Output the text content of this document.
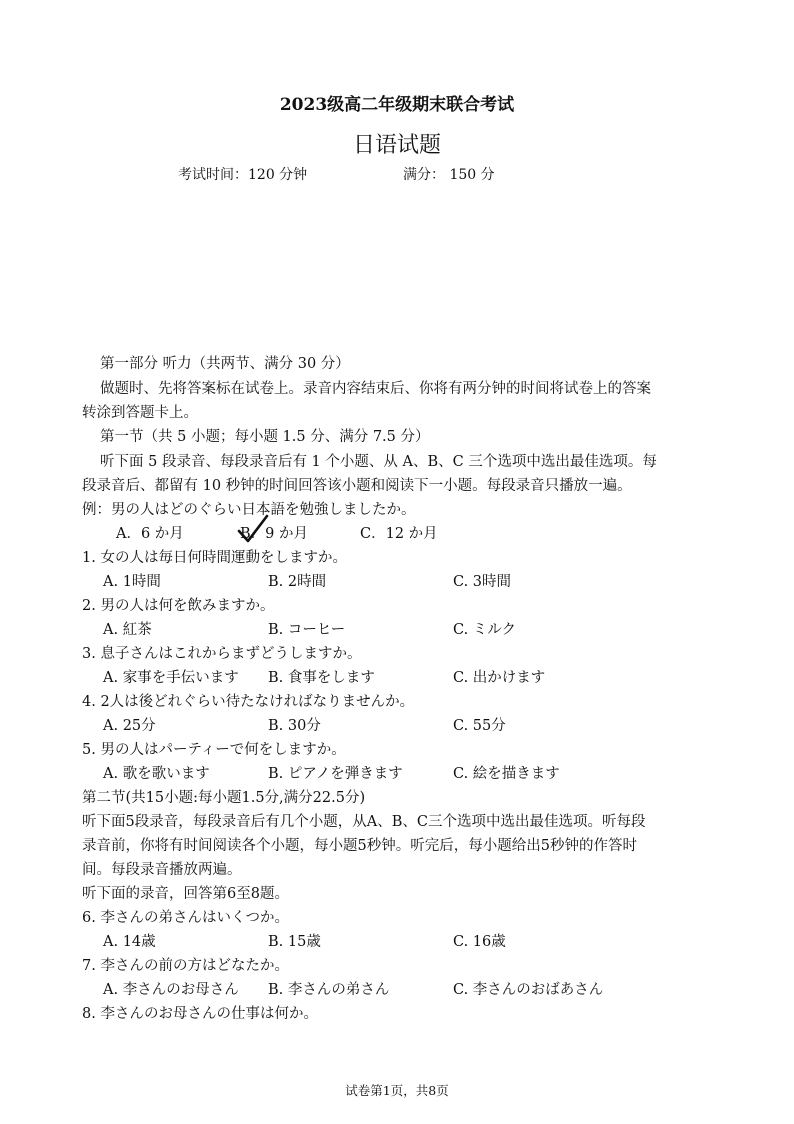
2023级高二年级期末联合考试
日语试题
考试时间：120 分钟	满分： 150 分
第一部分 听力（共两节、满分 30 分）
做题时、先将答案标在试卷上。录音内容结束后、你将有两分钟的时间将试卷上的答案
转涂到答题卡上。
第一节（共 5 小题；每小题 1.5 分、满分 7.5 分）
听下面 5 段录音、每段录音后有 1 个小题、从 A、B、C 三个选项中选出最佳选项。每
段录音后、都留有 10 秒钟的时间回答该小题和阅读下一小题。每段录音只播放一遍。
例：男の人はどのぐらい日本語を勉強しましたか。
A．6 か月	B．9 か月	C．12 か月
1. 女の人は毎日何時間運動をしますか。
A. 1時間	B. 2時間	C. 3時間
2. 男の人は何を飲みますか。
A. 紅茶	B. コーヒー	C. ミルク
3. 息子さんはこれからまずどうしますか。
A. 家事を手伝います B. 食事をします	C. 出かけます
4. 2人は後どれぐらい待たなければなりませんか。
A. 25分	B. 30分	C. 55分
5. 男の人はパーティーで何をしますか。
A. 歌を歌います	B. ピアノを弾きます	C. 絵を描きます
第二节(共15小题:每小题1.5分,满分22.5分)
听下面5段录音，每段录音后有几个小题，从A、B、C三个选项中选出最佳选项。听每段
录音前，你将有时间阅读各个小题，每小题5秒钟。听完后，每小题给出5秒钟的作答时
间。每段录音播放两遍。
听下面的录音，回答第6至8题。
6. 李さんの弟さんはいくつか。
A. 14歳	B. 15歳	C. 16歳
7. 李さんの前の方はどなたか。
A. 李さんのお母さん B. 李さんの弟さん	C. 李さんのおばあさん
8. 李さんのお母さんの仕事は何か。
试卷第1页，共8页
